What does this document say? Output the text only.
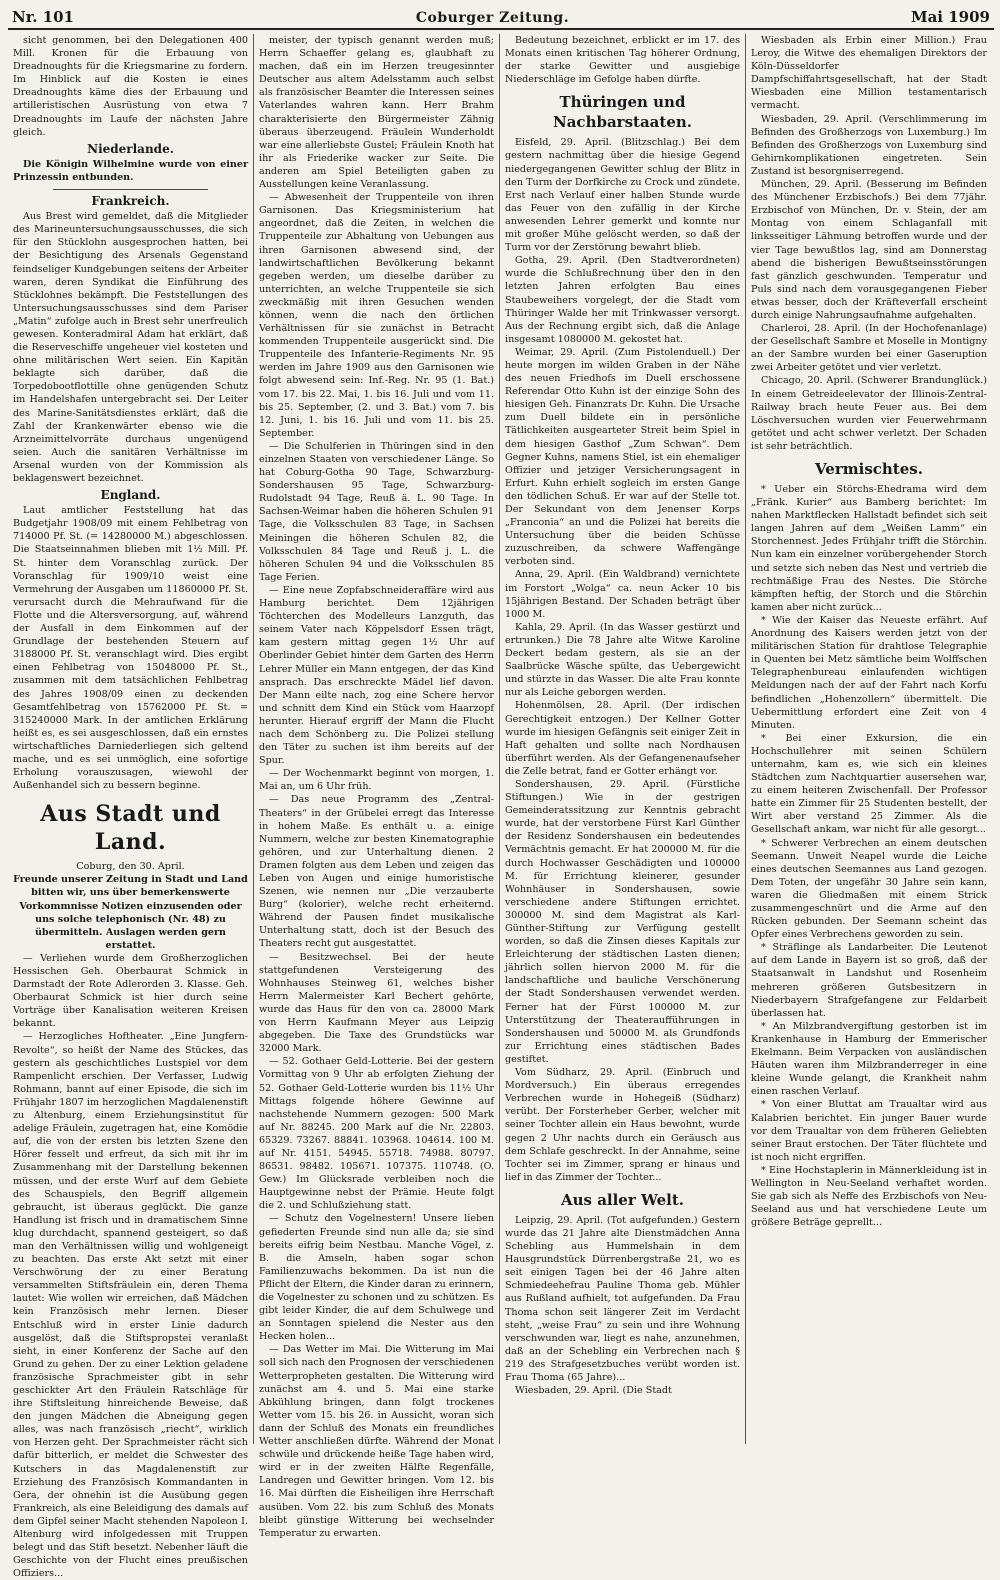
Nr. 101	Coburger Zeitung.	Mai 1909

sicht genommen, bei den Delegationen 400 Mill. Kronen für die Erbauung von Dreadnoughts für die Kriegsmarine zu fordern. Im Hinblick auf die Kosten ie eines Dreadnoughts käme dies der Erbauung und artilleristischen Ausrüstung von etwa 7 Dreadnoughts im Laufe der nächsten Jahre gleich.

Niederlande.

Die Königin Wilhelmine wurde von einer Prinzessin entbunden.

Frankreich.

Aus Brest wird gemeldet, daß die Mitglieder des Marineuntersuchungsausschusses, die sich für den Stücklohn ausgesprochen hatten, bei der Besichtigung des Arsenals Gegenstand feindseliger Kundgebungen seitens der Arbeiter waren, deren Syndikat die Einführung des Stücklohnes bekämpft. Die Feststellungen des Untersuchungsausschusses sind dem Pariser „Matin“ zufolge auch in Brest sehr unerfreulich gewesen. Konteradmiral Adam hat erklärt, daß die Reserveschiffe ungeheuer viel kosteten und ohne militärischen Wert seien. Ein Kapitän beklagte sich darüber, daß die Torpedobootflottille ohne genügenden Schutz im Handelshafen untergebracht sei. Der Leiter des Marine-Sanitätsdienstes erklärt, daß die Zahl der Krankenwärter ebenso wie die Arzneimittelvorräte durchaus ungenügend seien. Auch die sanitären Verhältnisse im Arsenal wurden von der Kommission als beklagenswert bezeichnet.

England.

Laut amtlicher Feststellung hat das Budgetjahr 1908/09 mit einem Fehlbetrag von 714000 Pf. St. (= 14280000 M.) abgeschlossen. Die Staatseinnahmen blieben mit 1½ Mill. Pf. St. hinter dem Voranschlag zurück. Der Voranschlag für 1909/10 weist eine Vermehrung der Ausgaben um 11860000 Pf. St. verursacht durch die Mehraufwand für die Flotte und die Altersversorgung, auf, während der Ausfall in dem Einkommen auf der Grundlage der bestehenden Steuern auf 3188000 Pf. St. veranschlagt wird. Dies ergibt einen Fehlbetrag von 15048000 Pf. St., zusammen mit dem tatsächlichen Fehlbetrag des Jahres 1908/09 einen zu deckenden Gesamtfehlbetrag von 15762000 Pf. St. = 315240000 Mark. In der amtlichen Erklärung heißt es, es sei ausgeschlossen, daß ein ernstes wirtschaftliches Darniederliegen sich geltend mache, und es sei unmöglich, eine sofortige Erholung vorauszusagen, wiewohl der Außenhandel sich zu bessern beginne.

Aus Stadt und Land.

Coburg, den 30. April.

Freunde unserer Zeitung in Stadt und Land bitten wir, uns über bemerkenswerte Vorkommnisse Notizen einzusenden oder uns solche telephonisch (Nr. 48) zu übermitteln. Auslagen werden gern erstattet.

— Verliehen wurde dem Großherzoglichen Hessischen Geh. Oberbaurat Schmick in Darmstadt der Rote Adlerorden 3. Klasse. Geh. Oberbaurat Schmick ist hier durch seine Vorträge über Kanalisation weiteren Kreisen bekannt.

— Herzogliches Hoftheater. „Eine Jungfern-Revolte“, so heißt der Name des Stückes, das gestern als geschichtliches Lustspiel vor dem Rampenlicht erschien. Der Verfasser, Ludwig Rohmann, bannt auf einer Episode, die sich im Frühjahr 1807 im herzoglichen Magdalenenstift zu Altenburg, einem Erziehungsinstitut für adelige Fräulein, zugetragen hat, eine Komödie auf, die von der ersten bis letzten Szene den Hörer fesselt und erfreut, da sich mit ihr im Zusammenhang mit der Darstellung bekennen müssen, und der erste Wurf auf dem Gebiete des Schauspiels, den Begriff allgemein gebraucht, ist überaus geglückt. Die ganze Handlung ist frisch und in dramatischem Sinne klug durchdacht, spannend gesteigert, so daß man den Verhältnissen willig und wohlgeneigt zu beachten. Das erste Akt setzt mit einer Verschwörung der zu einer Beratung versammelten Stiftsfräulein ein, deren Thema lautet: Wie wollen wir erreichen, daß Mädchen kein Französisch mehr lernen. Dieser Entschluß wird in erster Linie dadurch ausgelöst, daß die Stiftspropstei veranlaßt sieht, in einer Konferenz der Sache auf den Grund zu gehen. Der zu einer Lektion geladene französische Sprachmeister gibt in sehr geschickter Art den Fräulein Ratschläge für ihre Stiftsleitung hinreichende Beweise, daß den jungen Mädchen die Abneigung gegen alles, was nach französisch „riecht“, wirklich von Herzen geht. Der Sprachmeister rächt sich dafür bitterlich, er meldet die Schwester des Kutschers in das Magdalenenstift zur Erziehung des Französisch Kommandanten in Gera, der ohnehin ist die Ausübung gegen Frankreich, als eine Beleidigung des damals auf dem Gipfel seiner Macht stehenden Napoleon I. Altenburg wird infolgedessen mit Truppen belegt und das Stift besetzt. Nebenher läuft die Geschichte von der Flucht eines preußischen Offiziers...

meister, der typisch genannt werden muß; Herrn Schaeffer gelang es, glaubhaft zu machen, daß ein im Herzen treugesinnter Deutscher aus altem Adelsstamm auch selbst als französischer Beamter die Interessen seines Vaterlandes wahren kann. Herr Brahm charakterisierte den Bürgermeister Zähnig überaus überzeugend. Fräulein Wunderholdt war eine allerliebste Gustel; Fräulein Knoth hat ihr als Friederike wacker zur Seite. Die anderen am Spiel Beteiligten gaben zu Ausstellungen keine Veranlassung.

— Abwesenheit der Truppenteile von ihren Garnisonen. Das Kriegsministerium hat angeordnet, daß die Zeiten, in welchen die Truppenteile zur Abhaltung von Uebungen aus ihren Garnisonen abwesend sind, der landwirtschaftlichen Bevölkerung bekannt gegeben werden, um dieselbe darüber zu unterrichten, an welche Truppenteile sie sich zweckmäßig mit ihren Gesuchen wenden können, wenn die nach den örtlichen Verhältnissen für sie zunächst in Betracht kommenden Truppenteile ausgerückt sind. Die Truppenteile des Infanterie-Regiments Nr. 95 werden im Jahre 1909 aus den Garnisonen wie folgt abwesend sein: Inf.-Reg. Nr. 95 (1. Bat.) vom 17. bis 22. Mai, 1. bis 16. Juli und vom 11. bis 25. September, (2. und 3. Bat.) vom 7. bis 12. Juni, 1. bis 16. Juli und vom 11. bis 25. September.

— Die Schulferien in Thüringen sind in den einzelnen Staaten von verschiedener Länge. So hat Coburg-Gotha 90 Tage, Schwarzburg-Sondershausen 95 Tage, Schwarzburg-Rudolstadt 94 Tage, Reuß ä. L. 90 Tage. In Sachsen-Weimar haben die höheren Schulen 91 Tage, die Volksschulen 83 Tage, in Sachsen Meiningen die höheren Schulen 82, die Volksschulen 84 Tage und Reuß j. L. die höheren Schulen 94 und die Volksschulen 85 Tage Ferien.

— Eine neue Zopfabschneideraffäre wird aus Hamburg berichtet. Dem 12jährigen Töchterchen des Modelleurs Lanzguth, das seinem Vater nach Köppelsdorf Essen trägt, kam gestern mittag gegen 1½ Uhr auf Oberlinder Gebiet hinter dem Garten des Herrn Lehrer Müller ein Mann entgegen, der das Kind ansprach. Das erschreckte Mädel lief davon. Der Mann eilte nach, zog eine Schere hervor und schnitt dem Kind ein Stück vom Haarzopf herunter. Hierauf ergriff der Mann die Flucht nach dem Schönberg zu. Die Polizei stellung den Täter zu suchen ist ihm bereits auf der Spur.

— Der Wochenmarkt beginnt von morgen, 1. Mai an, um 6 Uhr früh.

— Das neue Programm des „Zentral-Theaters“ in der Grübelei erregt das Interesse in hohem Maße. Es enthält u. a. einige Nummern, welche zur besten Kinematographie gehören, und zur Unterhaltung dienen. 2 Dramen folgten aus dem Leben und zeigen das Leben von Augen und einige humoristische Szenen, wie nennen nur „Die verzauberte Burg“ (kolorier), welche recht erheiternd. Während der Pausen findet musikalische Unterhaltung statt, doch ist der Besuch des Theaters recht gut ausgestattet.

— Besitzwechsel. Bei der heute stattgefundenen Versteigerung des Wohnhauses Steinweg 61, welches bisher Herrn Malermeister Karl Bechert gehörte, wurde das Haus für den von ca. 28000 Mark von Herrn Kaufmann Meyer aus Leipzig abgegeben. Die Taxe des Grundstücks war 32000 Mark.

— 52. Gothaer Geld-Lotterie. Bei der gestern Vormittag von 9 Uhr ab erfolgten Ziehung der 52. Gothaer Geld-Lotterie wurden bis 11½ Uhr Mittags folgende höhere Gewinne auf nachstehende Nummern gezogen: 500 Mark auf Nr. 88245. 200 Mark auf die Nr. 22803. 65329. 73267. 88841. 103968. 104614. 100 M. auf Nr. 4151. 54945. 55718. 74988. 80797. 86531. 98482. 105671. 107375. 110748. (O. Gew.) Im Glücksrade verbleiben noch die Hauptgewinne nebst der Prämie. Heute folgt die 2. und Schlußziehung statt.

— Schutz den Vogelnestern! Unsere lieben gefiederten Freunde sind nun alle da; sie sind bereits eifrig beim Nestbau. Manche Vögel, z. B. die Amseln, haben sogar schon Familienzuwachs bekommen. Da ist nun die Pflicht der Eltern, die Kinder daran zu erinnern, die Vogelnester zu schonen und zu schützen. Es gibt leider Kinder, die auf dem Schulwege und an Sonntagen spielend die Nester aus den Hecken holen...

— Das Wetter im Mai. Die Witterung im Mai soll sich nach den Prognosen der verschiedenen Wetterpropheten gestalten. Die Witterung wird zunächst am 4. und 5. Mai eine starke Abkühlung bringen, dann folgt trockenes Wetter vom 15. bis 26. in Aussicht, woran sich dann der Schluß des Monats ein freundliches Wetter anschließen dürfte. Während der Monat schwüle und drückende heiße Tage haben wird, wird er in der zweiten Hälfte Regenfälle, Landregen und Gewitter bringen. Vom 12. bis 16. Mai dürften die Eisheiligen ihre Herrschaft ausüben. Vom 22. bis zum Schluß des Monats bleibt günstige Witterung bei wechselnder Temperatur zu erwarten.

Bedeutung bezeichnet, erblickt er im 17. des Monats einen kritischen Tag höherer Ordnung, der starke Gewitter und ausgiebige Niederschläge im Gefolge haben dürfte.

Thüringen und Nachbarstaaten.

Eisfeld, 29. April. (Blitzschlag.) Bei dem gestern nachmittag über die hiesige Gegend niedergegangenen Gewitter schlug der Blitz in den Turm der Dorfkirche zu Crock und zündete. Erst nach Verlauf einer halben Stunde wurde das Feuer von den zufällig in der Kirche anwesenden Lehrer gemerkt und konnte nur mit großer Mühe gelöscht werden, so daß der Turm vor der Zerstörung bewahrt blieb.

Gotha, 29. April. (Den Stadtverordneten) wurde die Schlußrechnung über den in den letzten Jahren erfolgten Bau eines Staubeweihers vorgelegt, der die Stadt vom Thüringer Walde her mit Trinkwasser versorgt. Aus der Rechnung ergibt sich, daß die Anlage insgesamt 1080000 M. gekostet hat.

Weimar, 29. April. (Zum Pistolenduell.) Der heute morgen im wilden Graben in der Nähe des neuen Friedhofs im Duell erschossene Referendar Otto Kuhn ist der einzige Sohn des hiesigen Geh. Finanzrats Dr. Kuhn. Die Ursache zum Duell bildete ein in persönliche Tätlichkeiten ausgearteter Streit beim Spiel in dem hiesigen Gasthof „Zum Schwan“. Dem Gegner Kuhns, namens Stiel, ist ein ehemaliger Offizier und jetziger Versicherungsagent in Erfurt. Kuhn erhielt sogleich im ersten Gange den tödlichen Schuß. Er war auf der Stelle tot. Der Sekundant von dem Jenenser Korps „Franconia“ an und die Polizei hat bereits die Untersuchung über die beiden Schüsse zuzuschreiben, da schwere Waffengänge verboten sind.

Anna, 29. April. (Ein Waldbrand) vernichtete im Forstort „Wolga“ ca. neun Acker 10 bis 15jährigen Bestand. Der Schaden beträgt über 1000 M.

Kahla, 29. April. (In das Wasser gestürzt und ertrunken.) Die 78 Jahre alte Witwe Karoline Deckert bedam gestern, als sie an der Saalbrücke Wäsche spülte, das Uebergewicht und stürzte in das Wasser. Die alte Frau konnte nur als Leiche geborgen werden.

Hohenmölsen, 28. April. (Der irdischen Gerechtigkeit entzogen.) Der Kellner Gotter wurde im hiesigen Gefängnis seit einiger Zeit in Haft gehalten und sollte nach Nordhausen überführt werden. Als der Gefangenenaufseher die Zelle betrat, fand er Gotter erhängt vor.

Sondershausen, 29. April. (Fürstliche Stiftungen.) Wie in der gestrigen Gemeinderatssitzung zur Kenntnis gebracht wurde, hat der verstorbene Fürst Karl Günther der Residenz Sondershausen ein bedeutendes Vermächtnis gemacht. Er hat 200000 M. für die durch Hochwasser Geschädigten und 100000 M. für Errichtung kleinerer, gesunder Wohnhäuser in Sondershausen, sowie verschiedene andere Stiftungen errichtet. 300000 M. sind dem Magistrat als Karl-Günther-Stiftung zur Verfügung gestellt worden, so daß die Zinsen dieses Kapitals zur Erleichterung der städtischen Lasten dienen; jährlich sollen hiervon 2000 M. für die landschaftliche und bauliche Verschönerung der Stadt Sondershausen verwendet werden. Ferner hat der Fürst 100000 M. zur Unterstützung der Theateraufführungen in Sondershausen und 50000 M. als Grundfonds zur Errichtung eines städtischen Bades gestiftet.

Vom Südharz, 29. April. (Einbruch und Mordversuch.) Ein überaus erregendes Verbrechen wurde in Hohegeiß (Südharz) verübt. Der Forsterheber Gerber, welcher mit seiner Tochter allein ein Haus bewohnt, wurde gegen 2 Uhr nachts durch ein Geräusch aus dem Schlafe geschreckt. In der Annahme, seine Tochter sei im Zimmer, sprang er hinaus und lief in das Zimmer der Tochter...

Aus aller Welt.

Leipzig, 29. April. (Tot aufgefunden.) Gestern wurde das 21 Jahre alte Dienstmädchen Anna Schebling aus Hummelshain in dem Hausgrundstück Dürrenbergstraße 21, wo es seit einigen Tagen bei der 46 Jahre alten Schmiedeehefrau Pauline Thoma geb. Mühler aus Rußland aufhielt, tot aufgefunden. Da Frau Thoma schon seit längerer Zeit im Verdacht steht, „weise Frau“ zu sein und ihre Wohnung verschwunden war, liegt es nahe, anzunehmen, daß an der Schebling ein Verbrechen nach § 219 des Strafgesetzbuches verübt worden ist. Frau Thoma (65 Jahre)...

Wiesbaden, 29. April. (Die Stadt

Wiesbaden als Erbin einer Million.) Frau Leroy, die Witwe des ehemaligen Direktors der Köln-Düsseldorfer Dampfschiffahrtsgesellschaft, hat der Stadt Wiesbaden eine Million testamentarisch vermacht.

Wiesbaden, 29. April. (Verschlimmerung im Befinden des Großherzogs von Luxemburg.) Im Befinden des Großherzogs von Luxemburg sind Gehirnkomplikationen eingetreten. Sein Zustand ist besorgniserregend.

München, 29. April. (Besserung im Befinden des Münchener Erzbischofs.) Bei dem 77jähr. Erzbischof von München, Dr. v. Stein, der am Montag von einem Schlaganfall mit linksseitiger Lähmung betroffen wurde und der vier Tage bewußtlos lag, sind am Donnerstag abend die bisherigen Bewußtseinsstörungen fast gänzlich geschwunden. Temperatur und Puls sind nach dem vorausgegangenen Fieber etwas besser, doch der Kräfteverfall erscheint durch einige Nahrungsaufnahme aufgehalten.

Charleroi, 28. April. (In der Hochofenanlage) der Gesellschaft Sambre et Moselle in Montigny an der Sambre wurden bei einer Gaseruption zwei Arbeiter getötet und vier verletzt.

Chicago, 20. April. (Schwerer Brandunglück.) In einem Getreideelevator der Illinois-Zentral-Railway brach heute Feuer aus. Bei dem Löschversuchen wurden vier Feuerwehrmann getötet und acht schwer verletzt. Der Schaden ist sehr beträchtlich.

Vermischtes.

* Ueber ein Störchs-Ehedrama wird dem „Fränk. Kurier“ aus Bamberg berichtet: Im nahen Marktflecken Hallstadt befindet sich seit langen Jahren auf dem „Weißen Lamm“ ein Storchennest. Jedes Frühjahr trifft die Störchin. Nun kam ein einzelner vorübergehender Storch und setzte sich neben das Nest und vertrieb die rechtmäßige Frau des Nestes. Die Störche kämpften heftig, der Storch und die Störchin kamen aber nicht zurück...

* Wie der Kaiser das Neueste erfährt. Auf Anordnung des Kaisers werden jetzt von der militärischen Station für drahtlose Telegraphie in Quenten bei Metz sämtliche beim Wolffschen Telegraphenbureau einlaufenden wichtigen Meldungen nach der auf der Fahrt nach Korfu befindlichen „Hohenzollern“ übermittelt. Die Uebermittlung erfordert eine Zeit von 4 Minuten.

* Bei einer Exkursion, die ein Hochschullehrer mit seinen Schülern unternahm, kam es, wie sich ein kleines Städtchen zum Nachtquartier ausersehen war, zu einem heiteren Zwischenfall. Der Professor hatte ein Zimmer für 25 Studenten bestellt, der Wirt aber verstand 25 Zimmer. Als die Gesellschaft ankam, war nicht für alle gesorgt...

* Schwerer Verbrechen an einem deutschen Seemann. Unweit Neapel wurde die Leiche eines deutschen Seemannes aus Land gezogen. Dem Toten, der ungefähr 30 Jahre sein kann, waren die Gliedmaßen mit einem Strick zusammengeschnürt und die Arme auf den Rücken gebunden. Der Seemann scheint das Opfer eines Verbrechens geworden zu sein.

* Sträflinge als Landarbeiter. Die Leutenot auf dem Lande in Bayern ist so groß, daß der Staatsanwalt in Landshut und Rosenheim mehreren größeren Gutsbesitzern in Niederbayern Strafgefangene zur Feldarbeit überlassen hat.

* An Milzbrandvergiftung gestorben ist im Krankenhause in Hamburg der Emmerischer Ekelmann. Beim Verpacken von ausländischen Häuten waren ihm Milzbranderreger in eine kleine Wunde gelangt, die Krankheit nahm einen raschen Verlauf.

* Von einer Bluttat am Traualtar wird aus Kalabrien berichtet. Ein junger Bauer wurde vor dem Traualtar von dem früheren Geliebten seiner Braut erstochen. Der Täter flüchtete und ist noch nicht ergriffen.

* Eine Hochstaplerin in Männerkleidung ist in Wellington in Neu-Seeland verhaftet worden. Sie gab sich als Neffe des Erzbischofs von Neu-Seeland aus und hat verschiedene Leute um größere Beträge geprellt...
